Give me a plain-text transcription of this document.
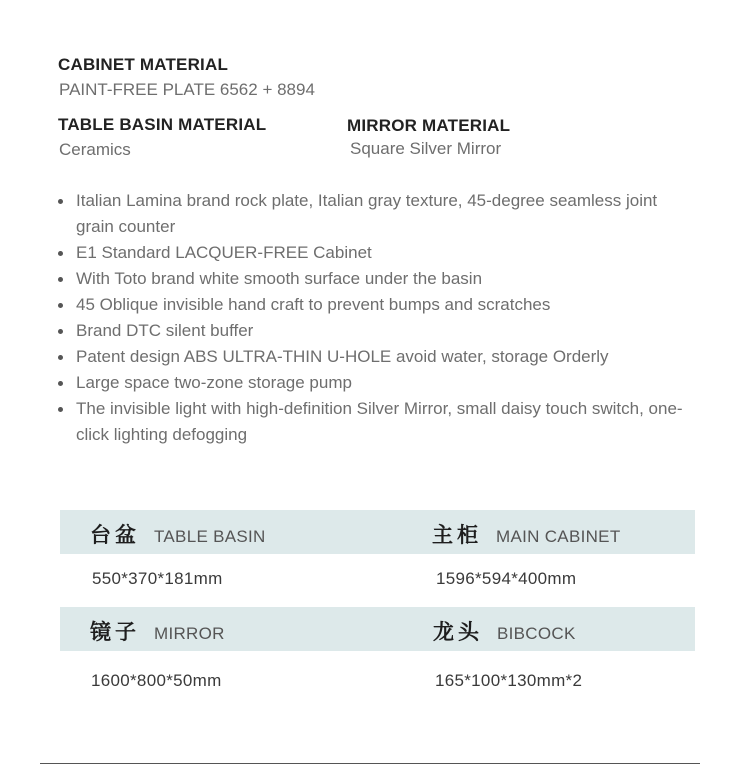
CABINET MATERIAL
PAINT-FREE PLATE 6562 + 8894
TABLE BASIN MATERIAL
Ceramics
MIRROR MATERIAL
Square Silver Mirror
Italian Lamina brand rock plate, Italian gray texture, 45-degree seamless joint grain counter
E1 Standard LACQUER-FREE Cabinet
With Toto brand white smooth surface under the basin
45 Oblique invisible hand craft to prevent bumps and scratches
Brand DTC silent buffer
Patent design ABS ULTRA-THIN U-HOLE avoid water, storage Orderly
Large space two-zone storage pump
The invisible light with high-definition Silver Mirror, small daisy touch switch, one-click lighting defogging
台盆 TABLE BASIN	主柜 MAIN CABINET
550*370*181mm	1596*594*400mm
镜子 MIRROR	龙头 BIBCOCK
1600*800*50mm	165*100*130mm*2
